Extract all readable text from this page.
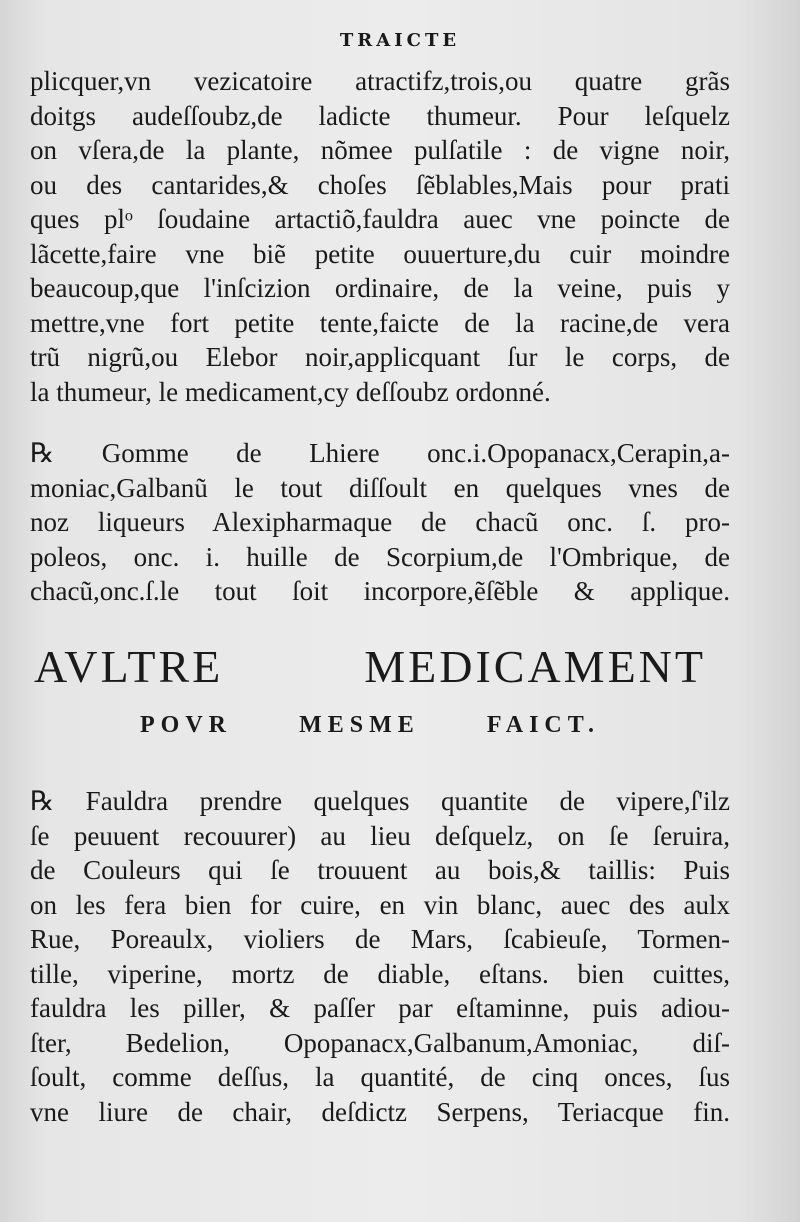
TRAICTE
plicquer,vn vezicatoire atractifz,trois,ou quatre grãs
doitgs audeſſoubz,de ladicte thumeur. Pour leſquelz
on vſera,de la plante, nõmee pulſatile : de vigne noir,
ou des cantarides,& choſes ſẽblables,Mais pour prati
ques plᵒ ſoudaine artactiõ,fauldra auec vne poincte de
lãcette,faire vne biẽ petite ouuerture,du cuir moindre
beaucoup,que l'inſcizion ordinaire, de la veine, puis y
mettre,vne fort petite tente,faicte de la racine,de vera
trũ nigrũ,ou Elebor noir,applicquant ſur le corps, de
la thumeur, le medicament,cy deſſoubz ordonné.
℞ Gomme de Lhiere onc.i.Opopanacx,Cerapin,a-
moniac,Galbanũ le tout diſſoult en quelques vnes de
noz liqueurs Alexipharmaque de chacũ onc. ſ. pro-
poleos, onc. i. huille de Scorpium,de l'Ombrique, de
chacũ,onc.ſ.le tout ſoit incorpore,ẽſẽble & applique.
AVLTRE MEDICAMENT
POVR MESME FAICT.
℞ Fauldra prendre quelques quantite de vipere,ſ'ilz
ſe peuuent recouurer) au lieu deſquelz, on ſe ſeruira,
de Couleurs qui ſe trouuent au bois,& taillis: Puis
on les fera bien for cuire, en vin blanc, auec des aulx
Rue, Poreaulx, violiers de Mars, ſcabieuſe, Tormen-
tille, viperine, mortz de diable, eſtans. bien cuittes,
fauldra les piller, & paſſer par eſtaminne, puis adiou-
ſter, Bedelion, Opopanacx,Galbanum,Amoniac, diſ-
ſoult, comme deſſus, la quantité, de cinq onces, ſus
vne liure de chair, deſdictz Serpens, Teriacque fin.
